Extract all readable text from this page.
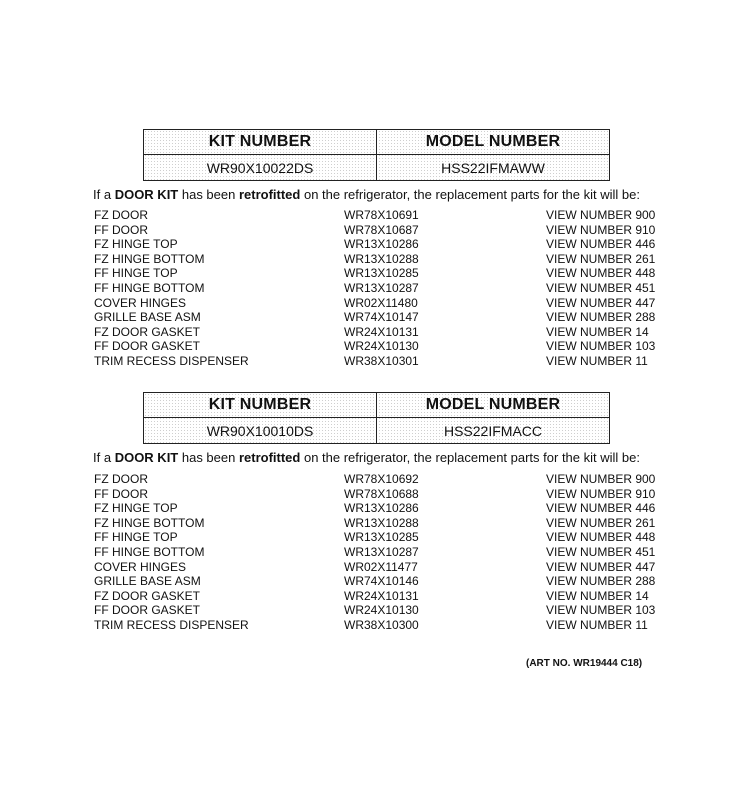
KIT NUMBER	MODEL NUMBER
WR90X10022DS	HSS22IFMAWW
If a DOOR KIT has been retrofitted on the refrigerator, the replacement parts for the kit will be:
FZ DOOR	WR78X10691	VIEW NUMBER 900
FF DOOR	WR78X10687	VIEW NUMBER 910
FZ HINGE TOP	WR13X10286	VIEW NUMBER 446
FZ HINGE BOTTOM	WR13X10288	VIEW NUMBER 261
FF HINGE TOP	WR13X10285	VIEW NUMBER 448
FF HINGE BOTTOM	WR13X10287	VIEW NUMBER 451
COVER HINGES	WR02X11480	VIEW NUMBER 447
GRILLE BASE ASM	WR74X10147	VIEW NUMBER 288
FZ DOOR GASKET	WR24X10131	VIEW NUMBER 14
FF DOOR GASKET	WR24X10130	VIEW NUMBER 103
TRIM RECESS DISPENSER	WR38X10301	VIEW NUMBER 11
KIT NUMBER	MODEL NUMBER
WR90X10010DS	HSS22IFMACC
If a DOOR KIT has been retrofitted on the refrigerator, the replacement parts for the kit will be:
FZ DOOR	WR78X10692	VIEW NUMBER 900
FF DOOR	WR78X10688	VIEW NUMBER 910
FZ HINGE TOP	WR13X10286	VIEW NUMBER 446
FZ HINGE BOTTOM	WR13X10288	VIEW NUMBER 261
FF HINGE TOP	WR13X10285	VIEW NUMBER 448
FF HINGE BOTTOM	WR13X10287	VIEW NUMBER 451
COVER HINGES	WR02X11477	VIEW NUMBER 447
GRILLE BASE ASM	WR74X10146	VIEW NUMBER 288
FZ DOOR GASKET	WR24X10131	VIEW NUMBER 14
FF DOOR GASKET	WR24X10130	VIEW NUMBER 103
TRIM RECESS DISPENSER	WR38X10300	VIEW NUMBER 11
(ART NO. WR19444 C18)
